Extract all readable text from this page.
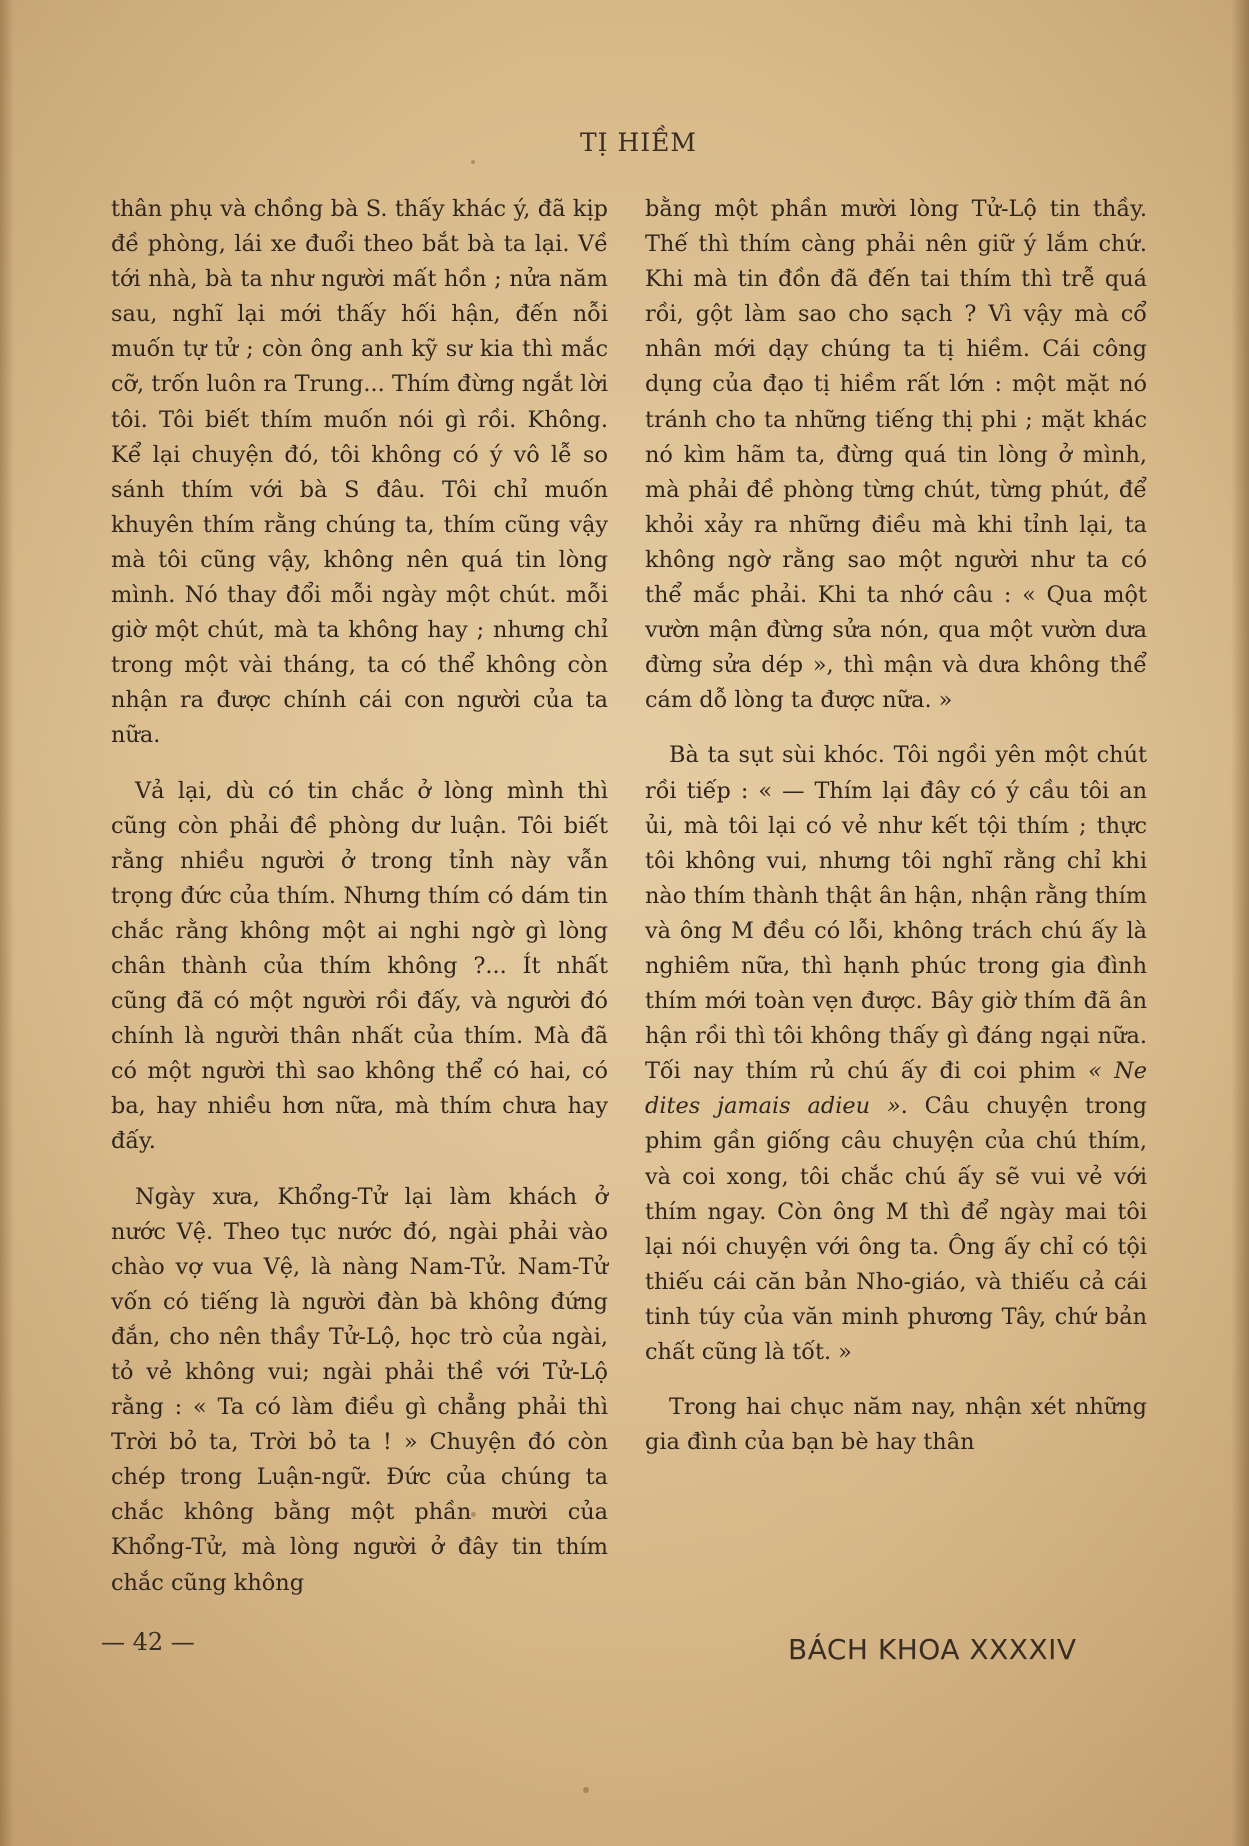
TỊ HIỀM

thân phụ và chồng bà S. thấy khác ý, đã kịp đề phòng, lái xe đuổi theo bắt bà ta lại. Về tới nhà, bà ta như người mất hồn ; nửa năm sau, nghĩ lại mới thấy hối hận, đến nỗi muốn tự tử ; còn ông anh kỹ sư kia thì mắc cỡ, trốn luôn ra Trung... Thím đừng ngắt lời tôi. Tôi biết thím muốn nói gì rồi. Không. Kể lại chuyện đó, tôi không có ý vô lễ so sánh thím với bà S đâu. Tôi chỉ muốn khuyên thím rằng chúng ta, thím cũng vậy mà tôi cũng vậy, không nên quá tin lòng mình. Nó thay đổi mỗi ngày một chút. mỗi giờ một chút, mà ta không hay ; nhưng chỉ trong một vài tháng, ta có thể không còn nhận ra được chính cái con người của ta nữa.

Vả lại, dù có tin chắc ở lòng mình thì cũng còn phải đề phòng dư luận. Tôi biết rằng nhiều người ở trong tỉnh này vẫn trọng đức của thím. Nhưng thím có dám tin chắc rằng không một ai nghi ngờ gì lòng chân thành của thím không ?... Ít nhất cũng đã có một người rồi đấy, và người đó chính là người thân nhất của thím. Mà đã có một người thì sao không thể có hai, có ba, hay nhiều hơn nữa, mà thím chưa hay đấy.

Ngày xưa, Khổng-Tử lại làm khách ở nước Vệ. Theo tục nước đó, ngài phải vào chào vợ vua Vệ, là nàng Nam-Tử. Nam-Tử vốn có tiếng là người đàn bà không đứng đắn, cho nên thầy Tử-Lộ, học trò của ngài, tỏ vẻ không vui; ngài phải thề với Tử-Lộ rằng : « Ta có làm điều gì chẳng phải thì Trời bỏ ta, Trời bỏ ta ! » Chuyện đó còn chép trong Luận-ngữ. Đức của chúng ta chắc không bằng một phần mười của Khổng-Tử, mà lòng người ở đây tin thím chắc cũng không

bằng một phần mười lòng Tử-Lộ tin thầy. Thế thì thím càng phải nên giữ ý lắm chứ. Khi mà tin đồn đã đến tai thím thì trễ quá rồi, gột làm sao cho sạch ? Vì vậy mà cổ nhân mới dạy chúng ta tị hiềm. Cái công dụng của đạo tị hiềm rất lớn : một mặt nó tránh cho ta những tiếng thị phi ; mặt khác nó kìm hãm ta, đừng quá tin lòng ở mình, mà phải đề phòng từng chút, từng phút, để khỏi xảy ra những điều mà khi tỉnh lại, ta không ngờ rằng sao một người như ta có thể mắc phải. Khi ta nhớ câu : « Qua một vườn mận đừng sửa nón, qua một vườn dưa đừng sửa dép », thì mận và dưa không thể cám dỗ lòng ta được nữa. »

Bà ta sụt sùi khóc. Tôi ngồi yên một chút rồi tiếp : « — Thím lại đây có ý cầu tôi an ủi, mà tôi lại có vẻ như kết tội thím ; thực tôi không vui, nhưng tôi nghĩ rằng chỉ khi nào thím thành thật ân hận, nhận rằng thím và ông M đều có lỗi, không trách chú ấy là nghiêm nữa, thì hạnh phúc trong gia đình thím mới toàn vẹn được. Bây giờ thím đã ân hận rồi thì tôi không thấy gì đáng ngại nữa. Tối nay thím rủ chú ấy đi coi phim « Ne dites jamais adieu ». Câu chuyện trong phim gần giống câu chuyện của chú thím, và coi xong, tôi chắc chú ấy sẽ vui vẻ với thím ngay. Còn ông M thì để ngày mai tôi lại nói chuyện với ông ta. Ông ấy chỉ có tội thiếu cái căn bản Nho-giáo, và thiếu cả cái tinh túy của văn minh phương Tây, chứ bản chất cũng là tốt. »

Trong hai chục năm nay, nhận xét những gia đình của bạn bè hay thân

— 42 —	BÁCH KHOA XXXXIV
